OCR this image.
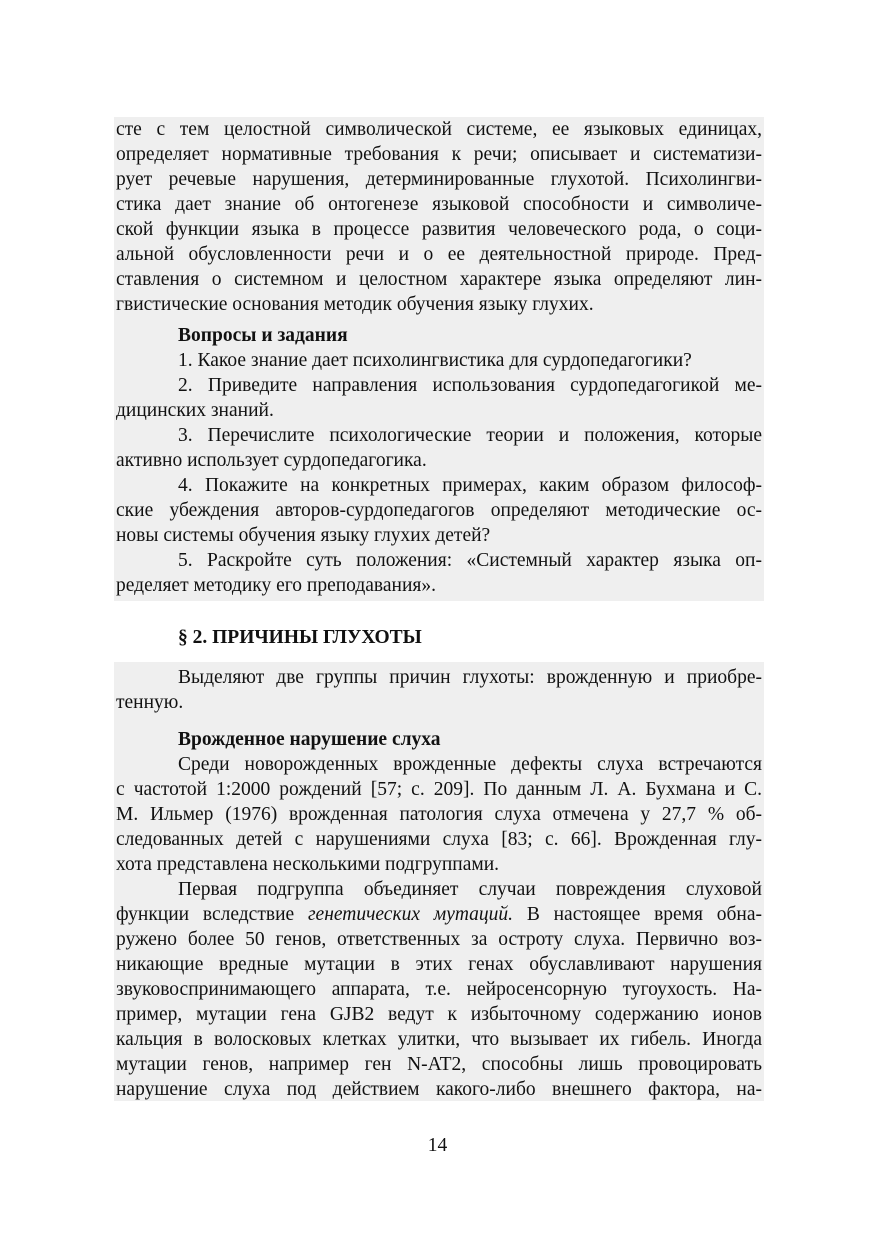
сте с тем целостной символической системе, ее языковых единицах,
определяет нормативные требования к речи; описывает и систематизи-
рует речевые нарушения, детерминированные глухотой. Психолингви-
стика дает знание об онтогенезе языковой способности и символиче-
ской функции языка в процессе развития человеческого рода, о соци-
альной обусловленности речи и о ее деятельностной природе. Пред-
ставления о системном и целостном характере языка определяют лин-
гвистические основания методик обучения языку глухих.
Вопросы и задания
1. Какое знание дает психолингвистика для сурдопедагогики?
2. Приведите направления использования сурдопедагогикой ме-
дицинских знаний.
3. Перечислите психологические теории и положения, которые
активно использует сурдопедагогика.
4. Покажите на конкретных примерах, каким образом философ-
ские убеждения авторов-сурдопедагогов определяют методические ос-
новы системы обучения языку глухих детей?
5. Раскройте суть положения: «Системный характер языка оп-
ределяет методику его преподавания».
§ 2. ПРИЧИНЫ ГЛУХОТЫ
Выделяют две группы причин глухоты: врожденную и приобре-
тенную.
Врожденное нарушение слуха
Среди новорожденных врожденные дефекты слуха встречаются
с частотой 1:2000 рождений [57; с. 209]. По данным Л. А. Бухмана и С.
М. Ильмер (1976) врожденная патология слуха отмечена у 27,7 % об-
следованных детей с нарушениями слуха [83; с. 66]. Врожденная глу-
хота представлена несколькими подгруппами.
Первая подгруппа объединяет случаи повреждения слуховой
функции вследствие генетических мутаций. В настоящее время обна-
ружено более 50 генов, ответственных за остроту слуха. Первично воз-
никающие вредные мутации в этих генах обуславливают нарушения
звуковоспринимающего аппарата, т.е. нейросенсорную тугоухость. На-
пример, мутации гена GJB2 ведут к избыточному содержанию ионов
кальция в волосковых клетках улитки, что вызывает их гибель. Иногда
мутации генов, например ген N-AT2, способны лишь провоцировать
нарушение слуха под действием какого-либо внешнего фактора, на-
14
